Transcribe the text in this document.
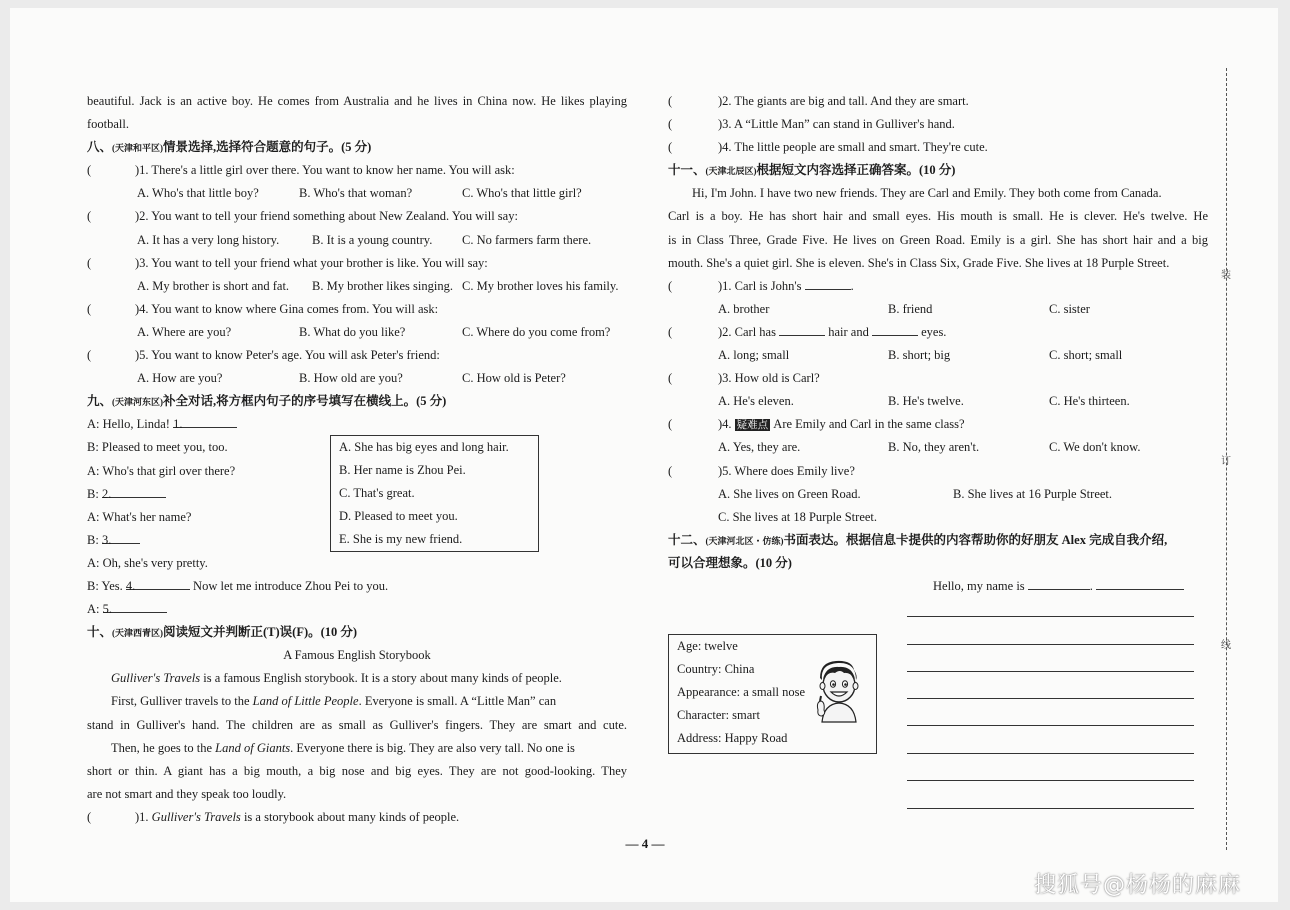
beautiful. Jack is an active boy. He comes from Australia and he lives in China now. He likes playing
football.
八、(天津和平区)情景选择,选择符合题意的句子。(5 分)
(	)1. There's a little girl over there. You want to know her name. You will ask:
A. Who's that little boy?	B. Who's that woman?	C. Who's that little girl?
(	)2. You want to tell your friend something about New Zealand. You will say:
A. It has a very long history.	B. It is a young country.	C. No farmers farm there.
(	)3. You want to tell your friend what your brother is like. You will say:
A. My brother is short and fat.	B. My brother likes singing. C. My brother loves his family.
(	)4. You want to know where Gina comes from. You will ask:
A. Where are you?	B. What do you like?	C. Where do you come from?
(	)5. You want to know Peter's age. You will ask Peter's friend:
A. How are you?	B. How old are you?	C. How old is Peter?
九、(天津河东区)补全对话,将方框内句子的序号填写在横线上。(5 分)
A: Hello, Linda! 1.
B: Pleased to meet you, too.
A: Who's that girl over there?
B: 2.
A: What's her name?
B: 3.
A: Oh, she's very pretty.
B: Yes. 4.	Now let me introduce Zhou Pei to you.
A: 5.
十、(天津西青区)阅读短文并判断正(T)误(F)。(10 分)
A Famous English Storybook
Gulliver's Travels is a famous English storybook. It is a story about many kinds of people.
First, Gulliver travels to the Land of Little People. Everyone is small. A “Little Man” can
stand in Gulliver's hand. The children are as small as Gulliver's fingers. They are smart and cute.
Then, he goes to the Land of Giants. Everyone there is big. They are also very tall. No one is
short or thin. A giant has a big mouth, a big nose and big eyes. They are not good-looking. They
are not smart and they speak too loudly.
(	)1. Gulliver's Travels is a storybook about many kinds of people.
A. She has big eyes and long hair.
B. Her name is Zhou Pei.
C. That's great.
D. Pleased to meet you.
E. She is my new friend.
(	)2. The giants are big and tall. And they are smart.
(	)3. A “Little Man” can stand in Gulliver's hand.
(	)4. The little people are small and smart. They're cute.
十一、(天津北辰区)根据短文内容选择正确答案。(10 分)
Hi, I'm John. I have two new friends. They are Carl and Emily. They both come from Canada.
Carl is a boy. He has short hair and small eyes. His mouth is small. He is clever. He's twelve. He
is in Class Three, Grade Five. He lives on Green Road. Emily is a girl. She has short hair and a big
mouth. She's a quiet girl. She is eleven. She's in Class Six, Grade Five. She lives at 18 Purple Street.
(	)1. Carl is John's	.
A. brother	B. friend	C. sister
(	)2. Carl has	hair and	eyes.
A. long; small	B. short; big	C. short; small
(	)3. How old is Carl?
A. He's eleven.	B. He's twelve.	C. He's thirteen.
(	)4. 疑难点 Are Emily and Carl in the same class?
A. Yes, they are.	B. No, they aren't.	C. We don't know.
(	)5. Where does Emily live?
A. She lives on Green Road.	B. She lives at 16 Purple Street.
C. She lives at 18 Purple Street.
十二、(天津河北区・仿练)书面表达。根据信息卡提供的内容帮助你的好朋友 Alex 完成自我介绍,
可以合理想象。(10 分)
Hello, my name is	.
Age: twelve
Country: China
Appearance: a small nose
Character: smart
Address: Happy Road
装
订
线
— 4 —
搜狐号@杨杨的麻麻
